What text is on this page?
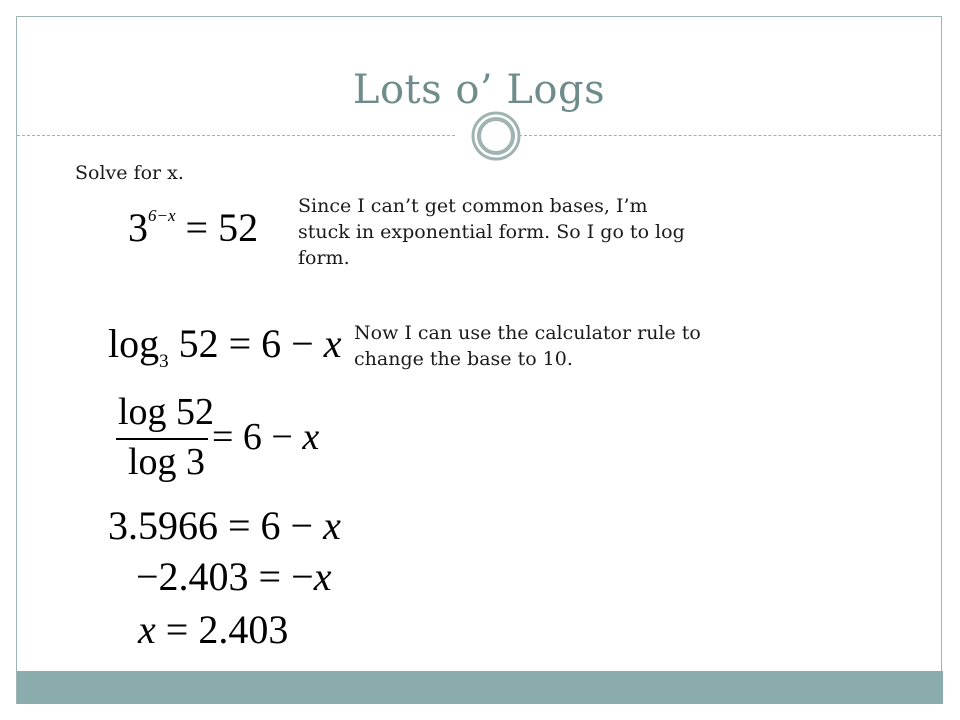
Lots o’ Logs
Solve for x.
Since I can’t get common bases, I’m stuck in exponential form. So I go to log form.
Now I can use the calculator rule to change the base to 10.
$3^{6-x} = 52$
$\log_3 52 = 6 - x$
log 52
log 3
= 6 − x
3.5966 = 6 − x
−2.403 = −x
x = 2.403
